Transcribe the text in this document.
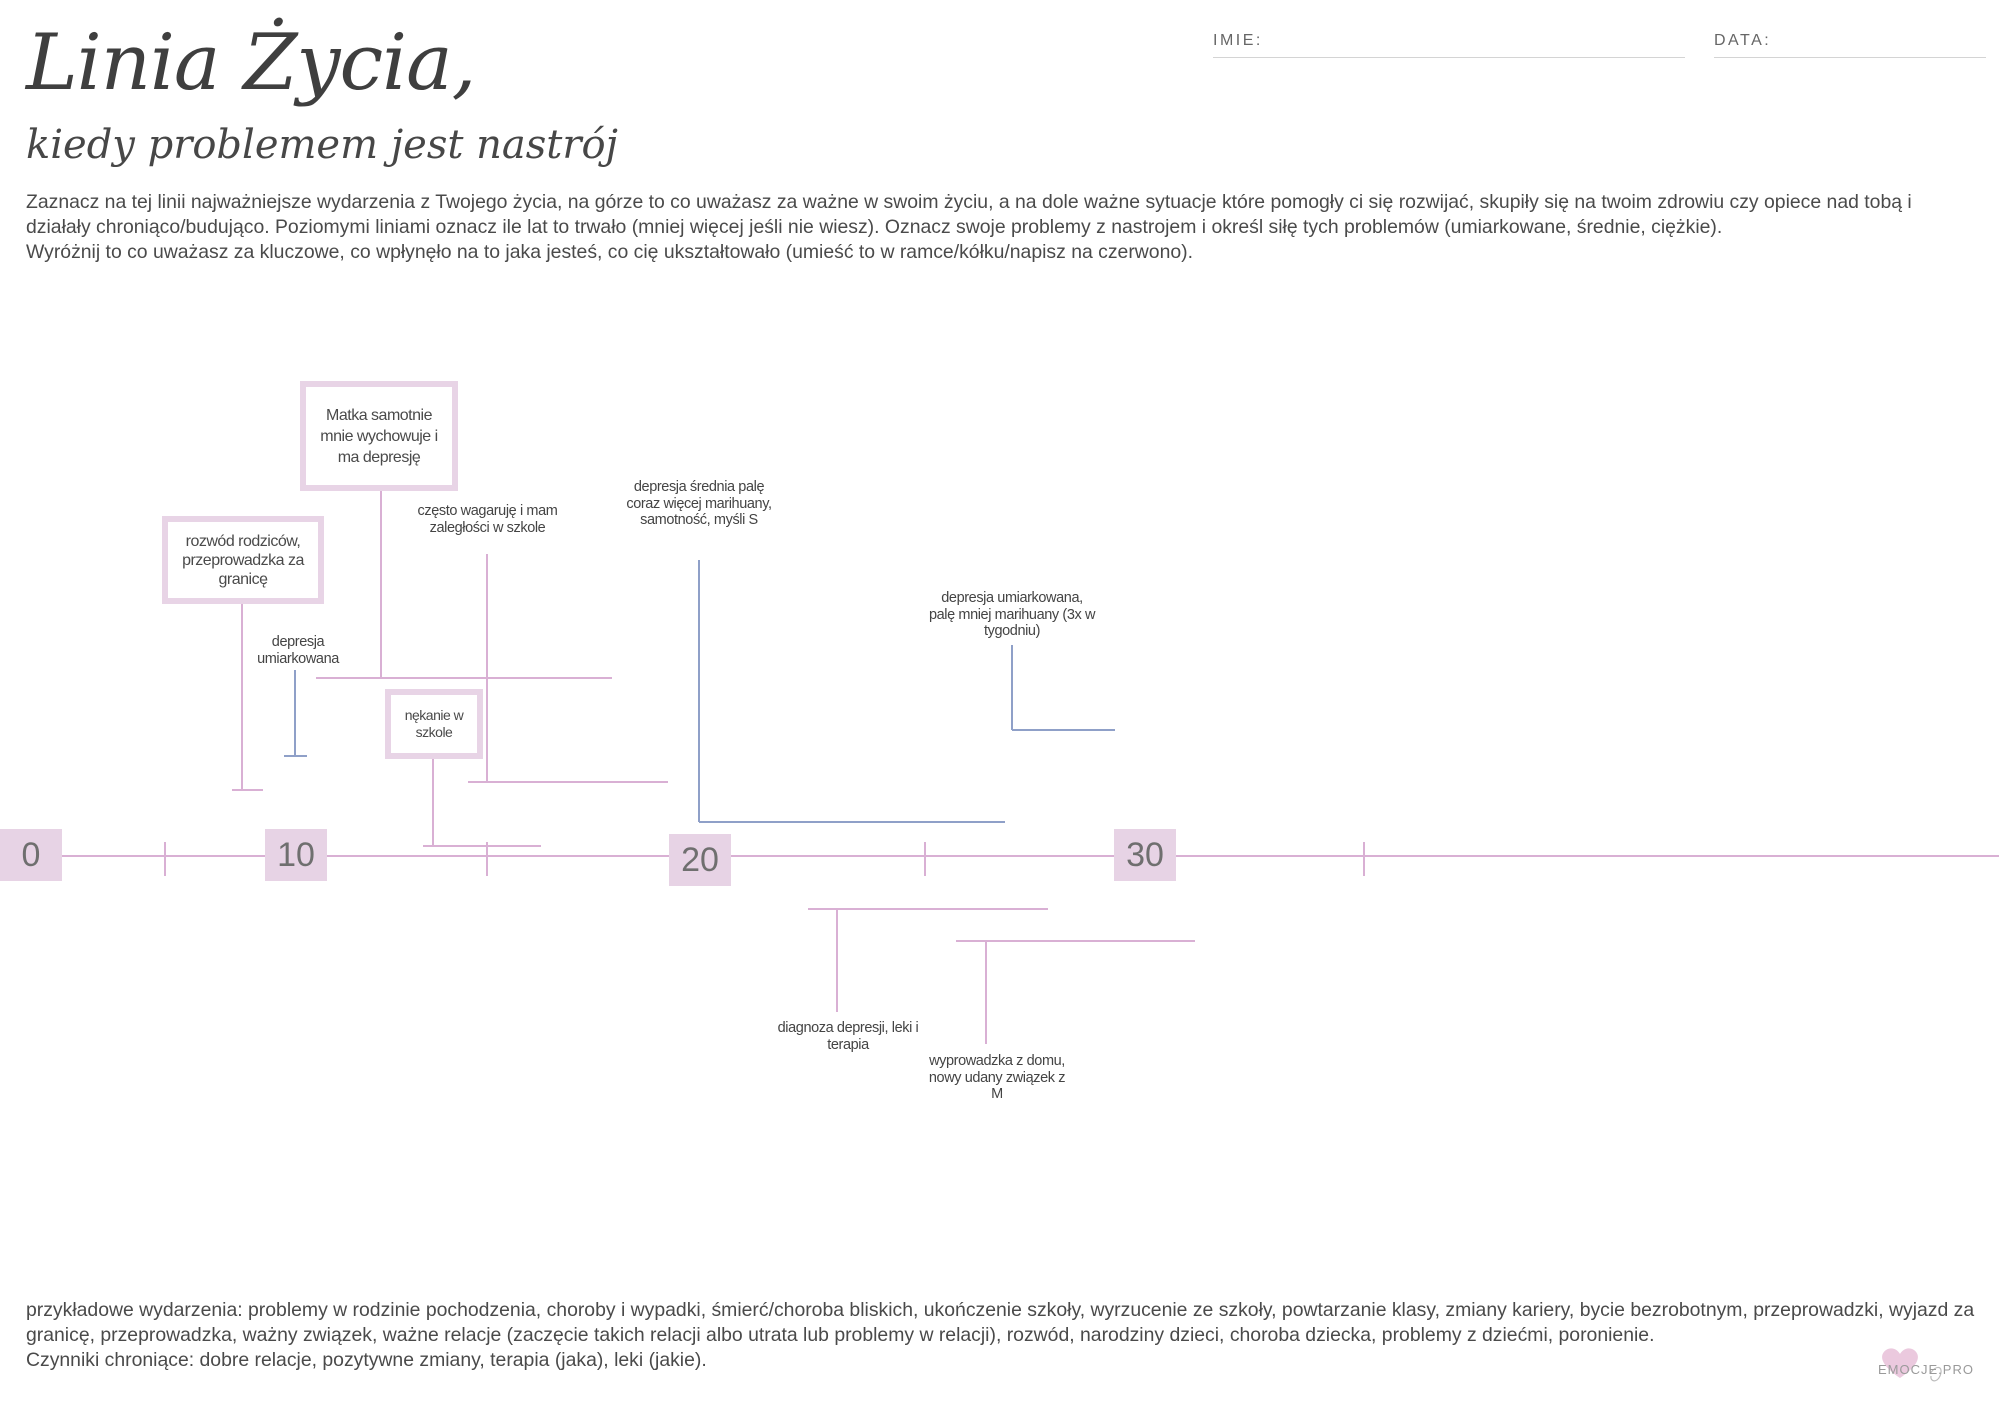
Linia Życia,
kiedy problemem jest nastrój
IMIE:	DATA:

Zaznacz na tej linii najważniejsze wydarzenia z Twojego życia, na górze to co uważasz za ważne w swoim życiu, a na dole ważne sytuacje które pomogły ci się rozwijać, skupiły się na twoim zdrowiu czy opiece nad tobą i działały chroniąco/budująco. Poziomymi liniami oznacz ile lat to trwało (mniej więcej jeśli nie wiesz). Oznacz swoje problemy z nastrojem i określ siłę tych problemów (umiarkowane, średnie, ciężkie).

Wyróżnij to co uważasz za kluczowe, co wpłynęło na to jaka jesteś, co cię ukształtowało (umieść to w ramce/kółku/napisz na czerwono).

0	10	20	30
Matka samotnie mnie wychowuje i ma depresję
rozwód rodziców, przeprowadzka za granicę
nękanie w szkole
depresja umiarkowana
często wagaruję i mam zaległości w szkole
depresja średnia palę coraz więcej marihuany, samotność, myśli S
depresja umiarkowana, palę mniej marihuany (3x w tygodniu)
diagnoza depresji, leki i terapia
wyprowadzka z domu, nowy udany związek z M

przykładowe wydarzenia: problemy w rodzinie pochodzenia, choroby i wypadki, śmierć/choroba bliskich, ukończenie szkoły, wyrzucenie ze szkoły, powtarzanie klasy, zmiany kariery, bycie bezrobotnym, przeprowadzki, wyjazd za granicę, przeprowadzka, ważny związek, ważne relacje (zaczęcie takich relacji albo utrata lub problemy w relacji), rozwód, narodziny dzieci, choroba dziecka, problemy z dziećmi, poronienie.

Czynniki chroniące: dobre relacje, pozytywne zmiany, terapia (jaka), leki (jakie).	EMOCJE.PRO
